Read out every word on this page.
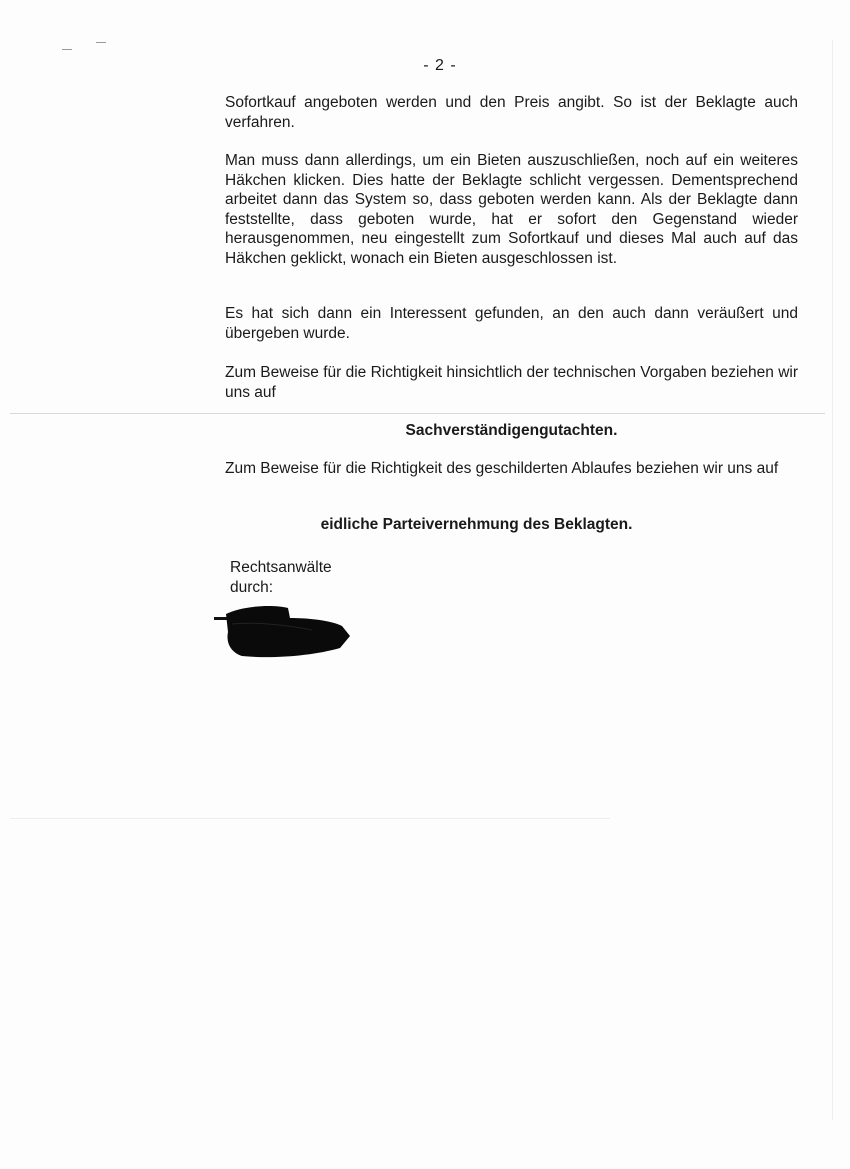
- 2 -

Sofortkauf angeboten werden und den Preis angibt. So ist der Beklagte auch verfahren.

Man muss dann allerdings, um ein Bieten auszuschließen, noch auf ein weiteres Häkchen klicken. Dies hatte der Beklagte schlicht vergessen. Dementsprechend arbeitet dann das System so, dass geboten werden kann. Als der Beklagte dann feststellte, dass geboten wurde, hat er sofort den Gegenstand wieder herausgenommen, neu eingestellt zum Sofortkauf und dieses Mal auch auf das Häkchen geklickt, wonach ein Bieten ausgeschlossen ist.

Es hat sich dann ein Interessent gefunden, an den auch dann veräußert und übergeben wurde.

Zum Beweise für die Richtigkeit hinsichtlich der technischen Vorgaben beziehen wir uns auf

Sachverständigengutachten.

Zum Beweise für die Richtigkeit des geschilderten Ablaufes beziehen wir uns auf

eidliche Parteivernehmung des Beklagten.

Rechtsanwälte

durch:
